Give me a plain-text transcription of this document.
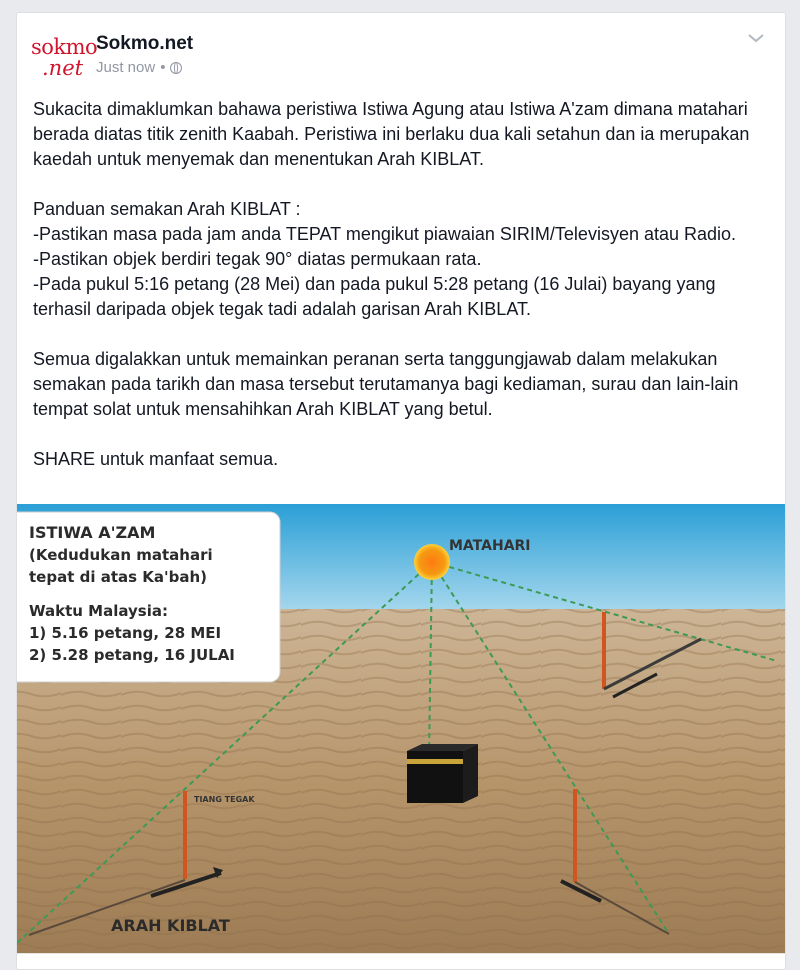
sokmo
.net
Sokmo.net
Just now •

Sukacita dimaklumkan bahawa peristiwa Istiwa Agung atau Istiwa A'zam dimana matahari berada diatas titik zenith Kaabah. Peristiwa ini berlaku dua kali setahun dan ia merupakan kaedah untuk menyemak dan menentukan Arah KIBLAT.

Panduan semakan Arah KIBLAT :

-Pastikan masa pada jam anda TEPAT mengikut piawaian SIRIM/Televisyen atau Radio.

-Pastikan objek berdiri tegak 90° diatas permukaan rata.

-Pada pukul 5:16 petang (28 Mei) dan pada pukul 5:28 petang (16 Julai) bayang yang terhasil daripada objek tegak tadi adalah garisan Arah KIBLAT.

Semua digalakkan untuk memainkan peranan serta tanggungjawab dalam melakukan semakan pada tarikh dan masa tersebut terutamanya bagi kediaman, surau dan lain-lain tempat solat untuk mensahihkan Arah KIBLAT yang betul.

SHARE untuk manfaat semua.

ISTIWA A'ZAM
(Kedudukan matahari
tepat di atas Ka'bah)
Waktu Malaysia:
1) 5.16 petang, 28 MEI
2) 5.28 petang, 16 JULAI
MATAHARI
TIANG TEGAK
ARAH KIBLAT
